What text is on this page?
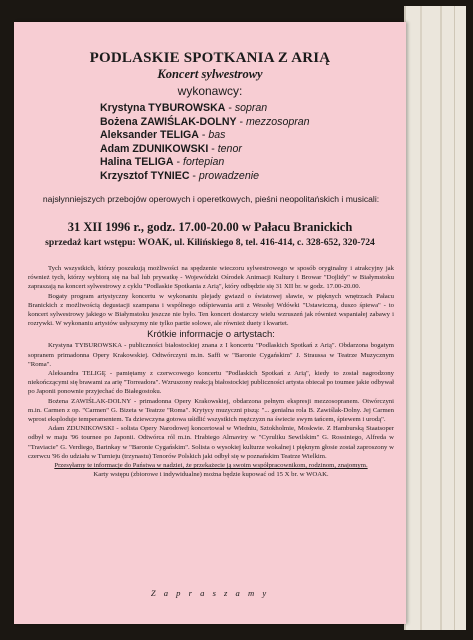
PODLASKIE SPOTKANIA Z ARIĄ
Koncert sylwestrowy
wykonawcy:
Krystyna TYBUROWSKA - sopran
Bożena ZAWIŚLAK-DOLNY - mezzosopran
Aleksander TELIGA - bas
Adam ZDUNIKOWSKI - tenor
Halina TELIGA - fortepian
Krzysztof TYNIEC - prowadzenie
najsłynniejszych przebojów operowych i operetkowych, pieśni neopolitańskich i musicali:
31 XII 1996 r., godz. 17.00-20.00 w Pałacu Branickich
sprzedaż kart wstępu: WOAK, ul. Kilińskiego 8, tel. 416-414, c. 328-652, 320-724

Tych wszystkich, którzy poszukują możliwości na spędzenie wieczoru sylwestrowego w sposób oryginalny i atrakcyjny jak również tych, którzy wybiorą się na bal lub prywatkę - Wojewódzki Ośrodek Animacji Kultury i Browar "Dojlidy" w Białymstoku zapraszają na koncert sylwestrowy z cyklu "Podlaskie Spotkania z Arią", który odbędzie się 31 XII br. w godz. 17.00-20.00.

Bogaty program artystyczny koncertu w wykonaniu plejady gwiazd o światowej sławie, w pięknych wnętrzach Pałacu Branickich z możliwością degustacji szampana i wspólnego odśpiewania arii z Wesołej Wdówki "Ustawiczną, duszo śpiewa" - to koncert sylwestrowy jakiego w Białymstoku jeszcze nie było. Ten koncert dostarczy wielu wzruszeń jak również wspaniałej zabawy i rozrywki. W wykonaniu artystów usłyszymy nie tylko partie solowe, ale również duety i kwartet.

Krótkie informacje o artystach:

Krystyna TYBUROWSKA - publiczności białostockiej znana z I koncertu "Podlaskich Spotkań z Arią". Obdarzona bogatym sopranem primadonna Opery Krakowskiej. Odtwórczyni m.in. Saffi w "Baronie Cygańskim" J. Straussa w Teatrze Muzycznym "Roma".

Aleksandra TELIGĘ - pamiętamy z czerwcowego koncertu "Podlaskich Spotkań z Arią", kiedy to został nagrodzony niekończącymi się brawami za arię "Torreadora". Wzruszony reakcją białostockiej publiczności artysta obiecał po toumee jakie odbywał po Japonii ponownie przyjechać do Białegostoku.

Bożena ZAWIŚLAK-DOLNY - primadonna Opery Krakowskiej, obdarzona pełnym ekspresji mezzosopranem. Otwórczyni m.in. Carmen z op. "Carmen" G. Bizeta w Teatrze "Roma". Krytycy muzyczni piszą: "... genialna rola B. Zawiślak-Dolny. Jej Carmen wprost eksploduje temperamentem. Ta dziewczyna gotowa uśidlić wszystkich mężczyzn na świecie swym tańcem, śpiewem i urodą".

Adam ZDUNIKOWSKI - solista Opery Narodowej koncertował w Wiedniu, Sztokholmie, Moskwie. Z Hamburską Staatsoper odbył w maju '96 tournee po Japonii. Odtwórca ról m.in. Hrabiego Almaviry w "Cyruliku Sewilskim" G. Rossiniego, Alfreda w "Traviacie" G. Verdiego, Barinkay w "Baronie Cygańskim". Solista o wysokiej kulturze wokalnej i pięknym głosie został zaproszony w czerwcu '96 do udziału w Turnieju (trzynastu) Tenorów Polskich jaki odbył się w poznańskim Teatrze Wielkim.

Przesyłamy te informacje do Państwa w nadziei, że przekażecie ją swoim współpracownikom, rodzinom, znajomym.

Karty wstępu (zbiorowe i indywidualne) można będzie kupować od 15 X br. w WOAK.

Z a p r a s z a m y
